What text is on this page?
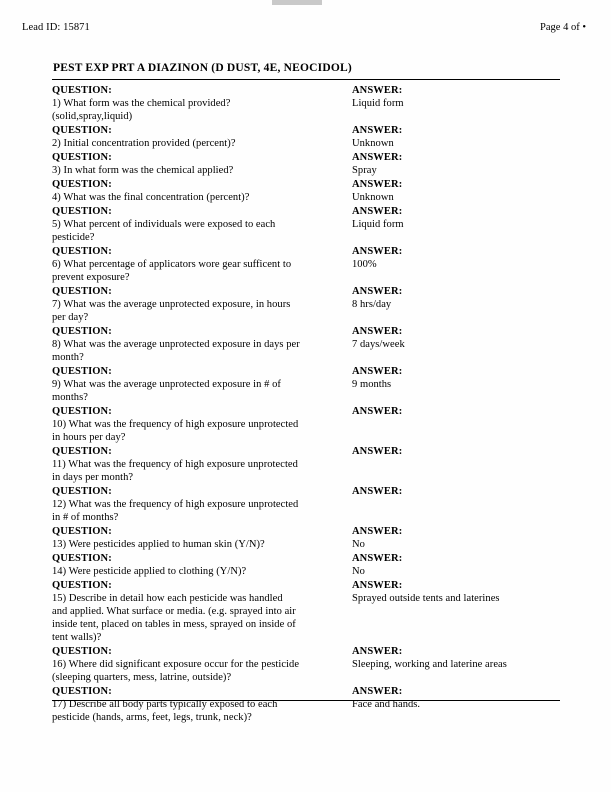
Lead ID: 15871	Page 4 of •
PEST EXP PRT A DIAZINON (D DUST, 4E, NEOCIDOL)
QUESTION:
1) What form was the chemical provided?(solid,spray,liquid)
ANSWER:
Liquid form
QUESTION:
2) Initial concentration provided (percent)?
ANSWER:
Unknown
QUESTION:
3) In what form was the chemical applied?
ANSWER:
Spray
QUESTION:
4) What was the final concentration (percent)?
ANSWER:
Unknown
QUESTION:
5) What percent of individuals were exposed to each pesticide?
ANSWER:
Liquid form
QUESTION:
6) What percentage of applicators wore gear sufficent to prevent exposure?
ANSWER:
100%
QUESTION:
7) What was the average unprotected exposure, in hours per day?
ANSWER:
8 hrs/day
QUESTION:
8) What was the average unprotected exposure in days per month?
ANSWER:
7 days/week
QUESTION:
9) What was the average unprotected exposure in # of months?
ANSWER:
9 months
QUESTION:
10) What was the frequency of high exposure unprotected in hours per day?
ANSWER:
QUESTION:
11) What was the frequency of high exposure unprotected in days per month?
ANSWER:
QUESTION:
12) What was the frequency of high exposure unprotected in # of months?
ANSWER:
QUESTION:
13) Were pesticides applied to human skin (Y/N)?
ANSWER:
No
QUESTION:
14) Were pesticide applied to clothing (Y/N)?
ANSWER:
No
QUESTION:
15) Describe in detail how each pesticide was handled and applied. What surface or media. (e.g. sprayed into air inside tent, placed on tables in mess, sprayed on inside of tent walls)?
ANSWER:
Sprayed outside tents and laterines
QUESTION:
16) Where did significant exposure occur for the pesticide (sleeping quarters, mess, latrine, outside)?
ANSWER:
Sleeping, working and laterine areas
QUESTION:
17) Describe all body parts typically exposed to each pesticide (hands, arms, feet, legs, trunk, neck)?
ANSWER:
Face and hands.
